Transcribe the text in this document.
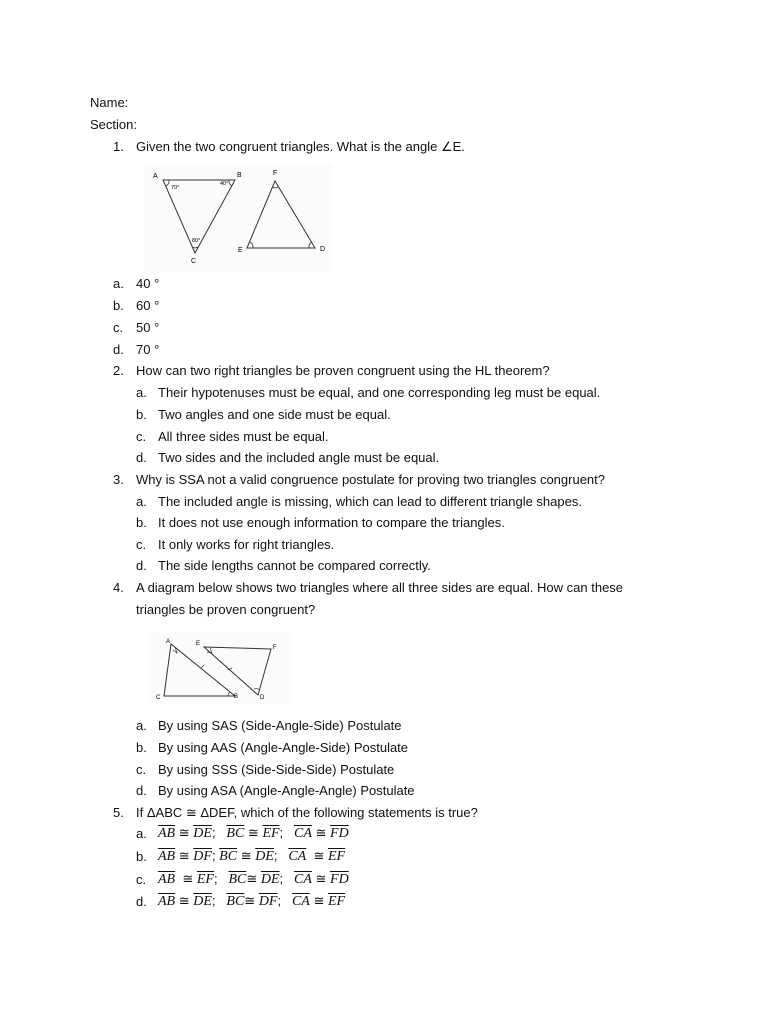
Name:
Section:
1. Given the two congruent triangles. What is the angle ∠E.
A	B
C
70°
40°
80°
F
E	D
a. 40 °
b. 60 °
c. 50 °
d. 70 °
2. How can two right triangles be proven congruent using the HL theorem?
a. Their hypotenuses must be equal, and one corresponding leg must be equal.
b. Two angles and one side must be equal.
c. All three sides must be equal.
d. Two sides and the included angle must be equal.
3. Why is SSA not a valid congruence postulate for proving two triangles congruent?
a. The included angle is missing, which can lead to different triangle shapes.
b. It does not use enough information to compare the triangles.
c. It only works for right triangles.
d. The side lengths cannot be compared correctly.
4. A diagram below shows two triangles where all three sides are equal. How can these
triangles be proven congruent?
A
B
C
E
F
D
a. By using SAS (Side-Angle-Side) Postulate
b. By using AAS (Angle-Angle-Side) Postulate
c. By using SSS (Side-Side-Side) Postulate
d. By using ASA (Angle-Angle-Angle) Postulate
5. If ΔABC ≅ ΔDEF, which of the following statements is true?
a. $\overline{AB}$ ≅ $\overline{DE}$;   $\overline{BC}$ ≅ $\overline{EF}$;   $\overline{CA}$ ≅ $\overline{FD}$
b. $\overline{AB}$ ≅ $\overline{DF}$; $\overline{BC}$ ≅ $\overline{DE}$;   $\overline{CA}$ ≅ $\overline{EF}$
c. $\overline{AB}$ ≅ $\overline{EF}$;   $\overline{BC}≅$ $\overline{DE}$;   $\overline{CA}$ ≅ $\overline{FD}$
d. $\overline{AB}$ ≅ $\overline{DE}$;   $\overline{BC}≅$ $\overline{DF}$;   $\overline{CA}$ ≅ $\overline{EF}$
